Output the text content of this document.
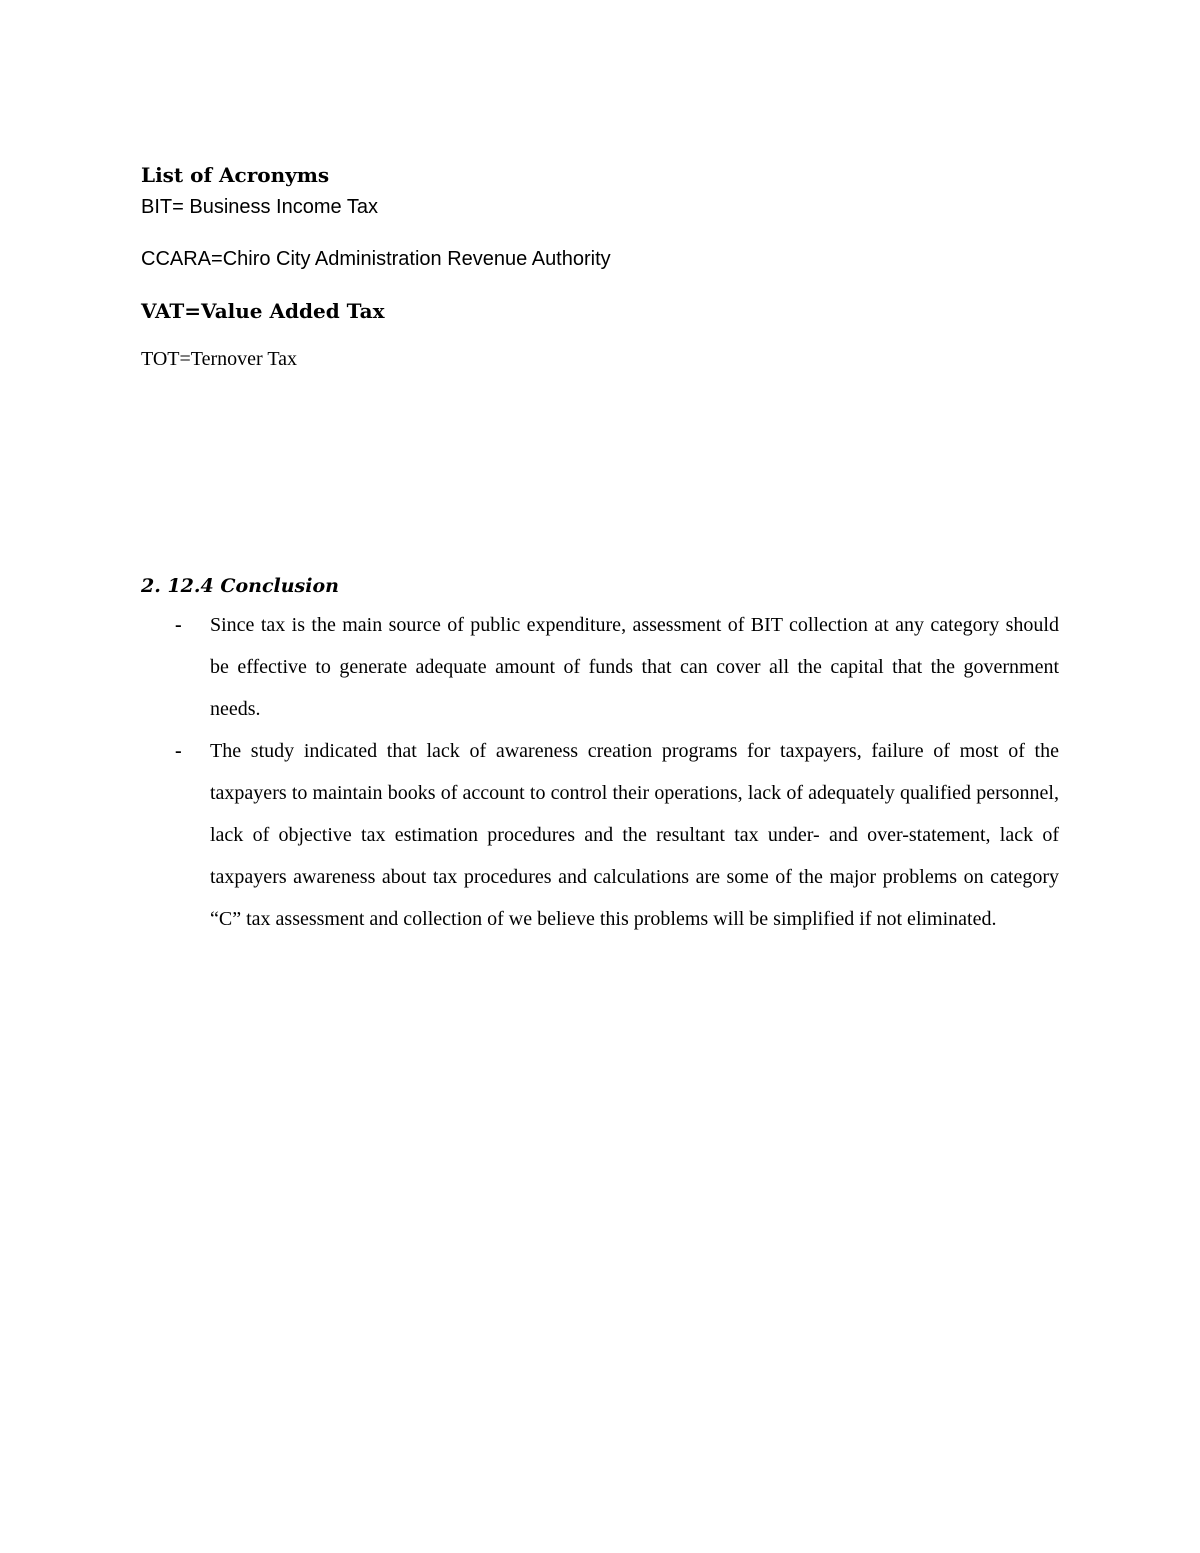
List of Acronyms

BIT= Business Income Tax

CCARA=Chiro City Administration Revenue Authority

VAT=Value Added Tax

TOT=Ternover Tax

2. 12.4 Conclusion

- Since tax is the main source of public expenditure, assessment of BIT collection at any category should be effective to generate adequate amount of funds that can cover all the capital that the government needs.
- The study indicated that lack of awareness creation programs for taxpayers, failure of most of the taxpayers to maintain books of account to control their operations, lack of adequately qualified personnel, lack of objective tax estimation procedures and the resultant tax under- and over-statement, lack of taxpayers awareness about tax procedures and calculations are some of the major problems on category “C” tax assessment and collection of we believe this problems will be simplified if not eliminated.
